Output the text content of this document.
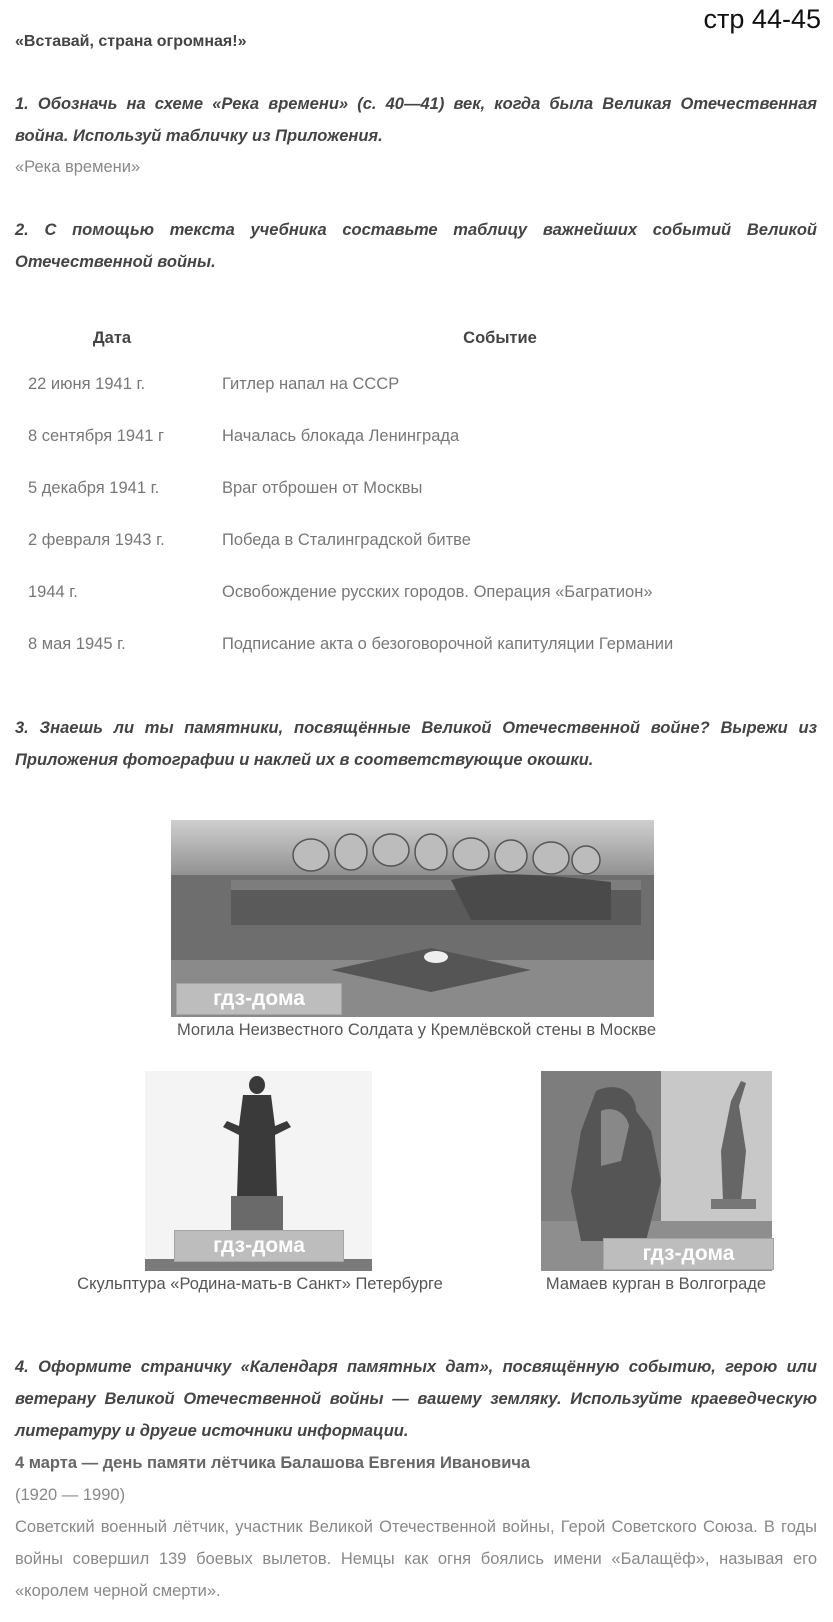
стр 44-45
«Вставай, страна огромная!»
1. Обозначь на схеме «Река времени» (с. 40—41) век, когда была Великая Отечественная война. Используй табличку из Приложения.
«Река времени»
2. С помощью текста учебника составьте таблицу важнейших событий Великой Отечественной войны.
Дата	Событие
22 июня 1941 г.	Гитлер напал на СССР
8 сентября 1941 г	Началась блокада Ленинграда
5 декабря 1941 г.	Враг отброшен от Москвы
2 февраля 1943 г.	Победа в Сталинградской битве
1944 г.	Освобождение русских городов. Операция «Багратион»
8 мая 1945 г.	Подписание акта о безоговорочной капитуляции Германии
3. Знаешь ли ты памятники, посвящённые Великой Отечественной войне? Вырежи из Приложения фотографии и наклей их в соответствующие окошки.
гдз-дома
Могила Неизвестного Солдата у Кремлёвской стены в Москве
гдз-дома
Скульптура «Родина-мать-в Санкт» Петербурге
гдз-дома
Мамаев курган в Волгограде
4. Оформите страничку «Календаря памятных дат», посвящённую событию, герою или ветерану Великой Отечественной войны — вашему земляку. Используйте краеведческую литературу и другие источники информации.
4 марта — день памяти лётчика Балашова Евгения Ивановича
(1920 — 1990)
Советский военный лётчик, участник Великой Отечественной войны, Герой Советского Союза. В годы войны совершил 139 боевых вылетов. Немцы как огня боялись имени «Балащёф», называя его «королем черной смерти».
